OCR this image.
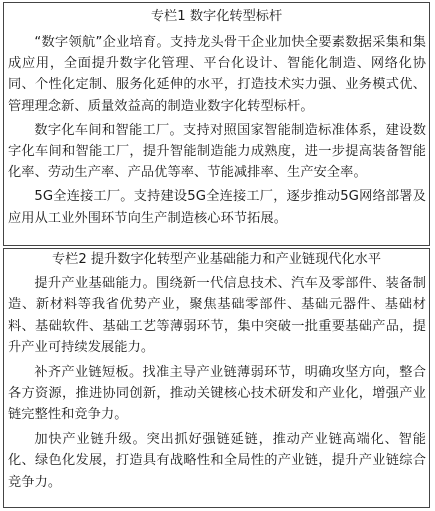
专栏1 数字化转型标杆

“数字领航”企业培育。支持龙头骨干企业加快全要素数据采集和集成应用，全面提升数字化管理、平台化设计、智能化制造、网络化协同、个性化定制、服务化延伸的水平，打造技术实力强、业务模式优、管理理念新、质量效益高的制造业数字化转型标杆。

数字化车间和智能工厂。支持对照国家智能制造标准体系，建设数字化车间和智能工厂，提升智能制造能力成熟度，进一步提高装备智能化率、劳动生产率、产品优等率、节能减排率、生产安全率。

5G全连接工厂。支持建设5G全连接工厂，逐步推动5G网络部署及应用从工业外围环节向生产制造核心环节拓展。

专栏2 提升数字化转型产业基础能力和产业链现代化水平

提升产业基础能力。围绕新一代信息技术、汽车及零部件、装备制造、新材料等我省优势产业，聚焦基础零部件、基础元器件、基础材料、基础软件、基础工艺等薄弱环节，集中突破一批重要基础产品，提升产业可持续发展能力。

补齐产业链短板。找准主导产业链薄弱环节，明确攻坚方向，整合各方资源，推进协同创新，推动关键核心技术研发和产业化，增强产业链完整性和竞争力。

加快产业链升级。突出抓好强链延链，推动产业链高端化、智能化、绿色化发展，打造具有战略性和全局性的产业链，提升产业链综合竞争力。
